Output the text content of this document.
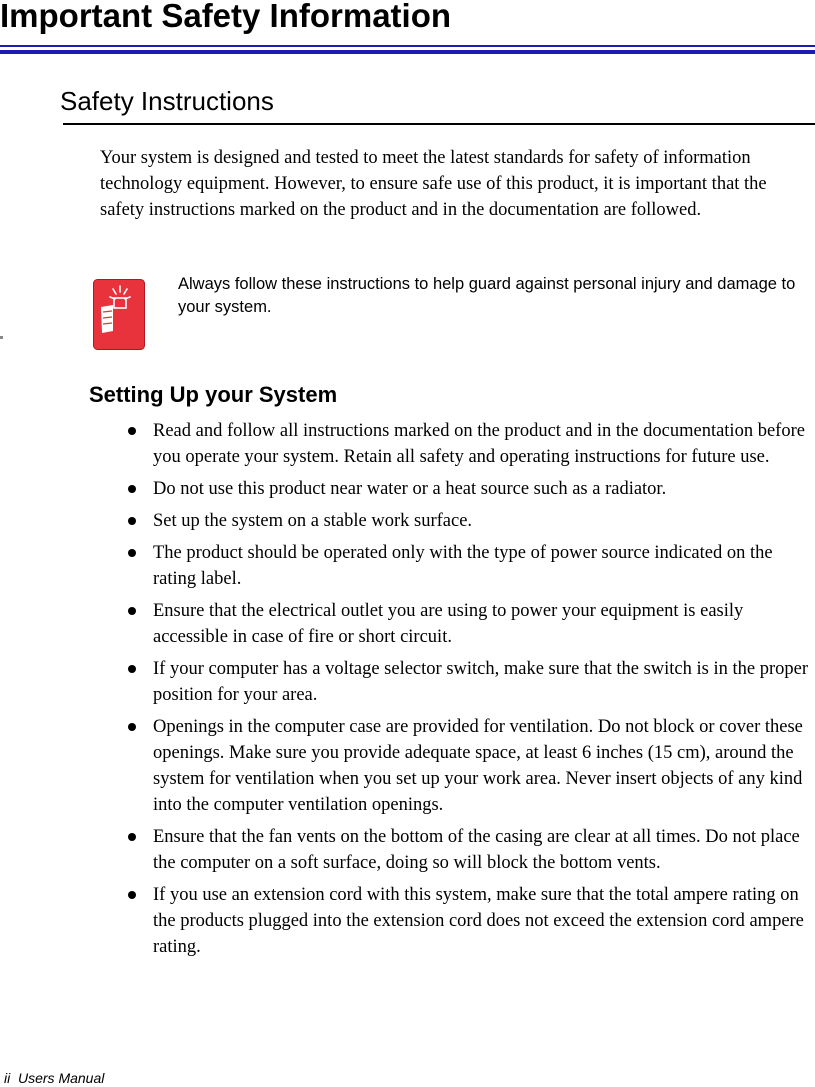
Important Safety Information
Safety Instructions

Your system is designed and tested to meet the latest standards for safety of information technology equipment. However, to ensure safe use of this product, it is important that the safety instructions marked on the product and in the documentation are followed.

Always follow these instructions to help guard against personal injury and damage to your system.

Setting Up your System
Read and follow all instructions marked on the product and in the documentation before you operate your system. Retain all safety and operating instructions for future use.
Do not use this product near water or a heat source such as a radiator.
Set up the system on a stable work surface.
The product should be operated only with the type of power source indicated on the rating label.
Ensure that the electrical outlet you are using to power your equipment is easily accessible in case of fire or short circuit.
If your computer has a voltage selector switch, make sure that the switch is in the proper position for your area.
Openings in the computer case are provided for ventilation. Do not block or cover these openings. Make sure you provide adequate space, at least 6 inches (15 cm), around the system for ventilation when you set up your work area. Never insert objects of any kind into the computer ventilation openings.
Ensure that the fan vents on the bottom of the casing are clear at all times. Do not place the computer on a soft surface, doing so will block the bottom vents.
If you use an extension cord with this system, make sure that the total ampere rating on the products plugged into the extension cord does not exceed the extension cord ampere rating.
ii  Users Manual
